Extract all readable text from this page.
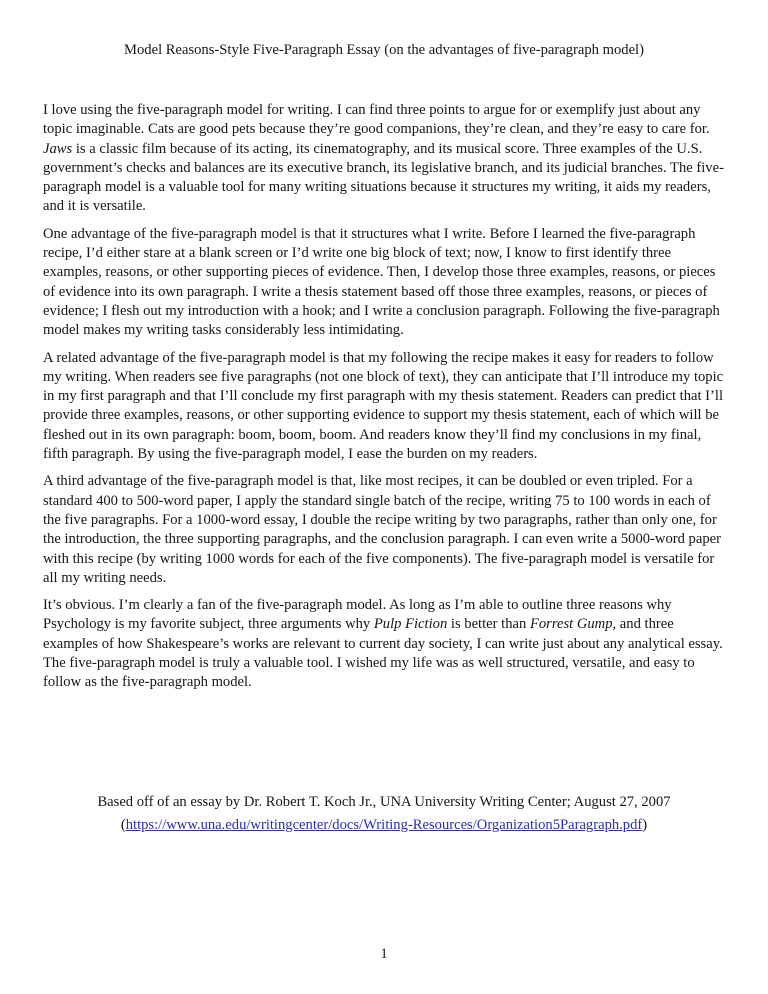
Model Reasons-Style Five-Paragraph Essay (on the advantages of five-paragraph model)

I love using the five-paragraph model for writing. I can find three points to argue for or exemplify just about any topic imaginable. Cats are good pets because they’re good companions, they’re clean, and they’re easy to care for. Jaws is a classic film because of its acting, its cinematography, and its musical score. Three examples of the U.S. government’s checks and balances are its executive branch, its legislative branch, and its judicial branches. The five-paragraph model is a valuable tool for many writing situations because it structures my writing, it aids my readers, and it is versatile.

One advantage of the five-paragraph model is that it structures what I write. Before I learned the five-paragraph recipe, I’d either stare at a blank screen or I’d write one big block of text; now, I know to first identify three examples, reasons, or other supporting pieces of evidence. Then, I develop those three examples, reasons, or pieces of evidence into its own paragraph. I write a thesis statement based off those three examples, reasons, or pieces of evidence; I flesh out my introduction with a hook; and I write a conclusion paragraph. Following the five-paragraph model makes my writing tasks considerably less intimidating.

A related advantage of the five-paragraph model is that my following the recipe makes it easy for readers to follow my writing. When readers see five paragraphs (not one block of text), they can anticipate that I’ll introduce my topic in my first paragraph and that I’ll conclude my first paragraph with my thesis statement. Readers can predict that I’ll provide three examples, reasons, or other supporting evidence to support my thesis statement, each of which will be fleshed out in its own paragraph: boom, boom, boom. And readers know they’ll find my conclusions in my final, fifth paragraph. By using the five-paragraph model, I ease the burden on my readers.

A third advantage of the five-paragraph model is that, like most recipes, it can be doubled or even tripled. For a standard 400 to 500-word paper, I apply the standard single batch of the recipe, writing 75 to 100 words in each of the five paragraphs. For a 1000-word essay, I double the recipe writing by two paragraphs, rather than only one, for the introduction, the three supporting paragraphs, and the conclusion paragraph. I can even write a 5000-word paper with this recipe (by writing 1000 words for each of the five components). The five-paragraph model is versatile for all my writing needs.

It’s obvious. I’m clearly a fan of the five-paragraph model. As long as I’m able to outline three reasons why Psychology is my favorite subject, three arguments why Pulp Fiction is better than Forrest Gump, and three examples of how Shakespeare’s works are relevant to current day society, I can write just about any analytical essay. The five-paragraph model is truly a valuable tool. I wished my life was as well structured, versatile, and easy to follow as the five-paragraph model.

Based off of an essay by Dr. Robert T. Koch Jr., UNA University Writing Center; August 27, 2007
(https://www.una.edu/writingcenter/docs/Writing-Resources/Organization5Paragraph.pdf)
1
